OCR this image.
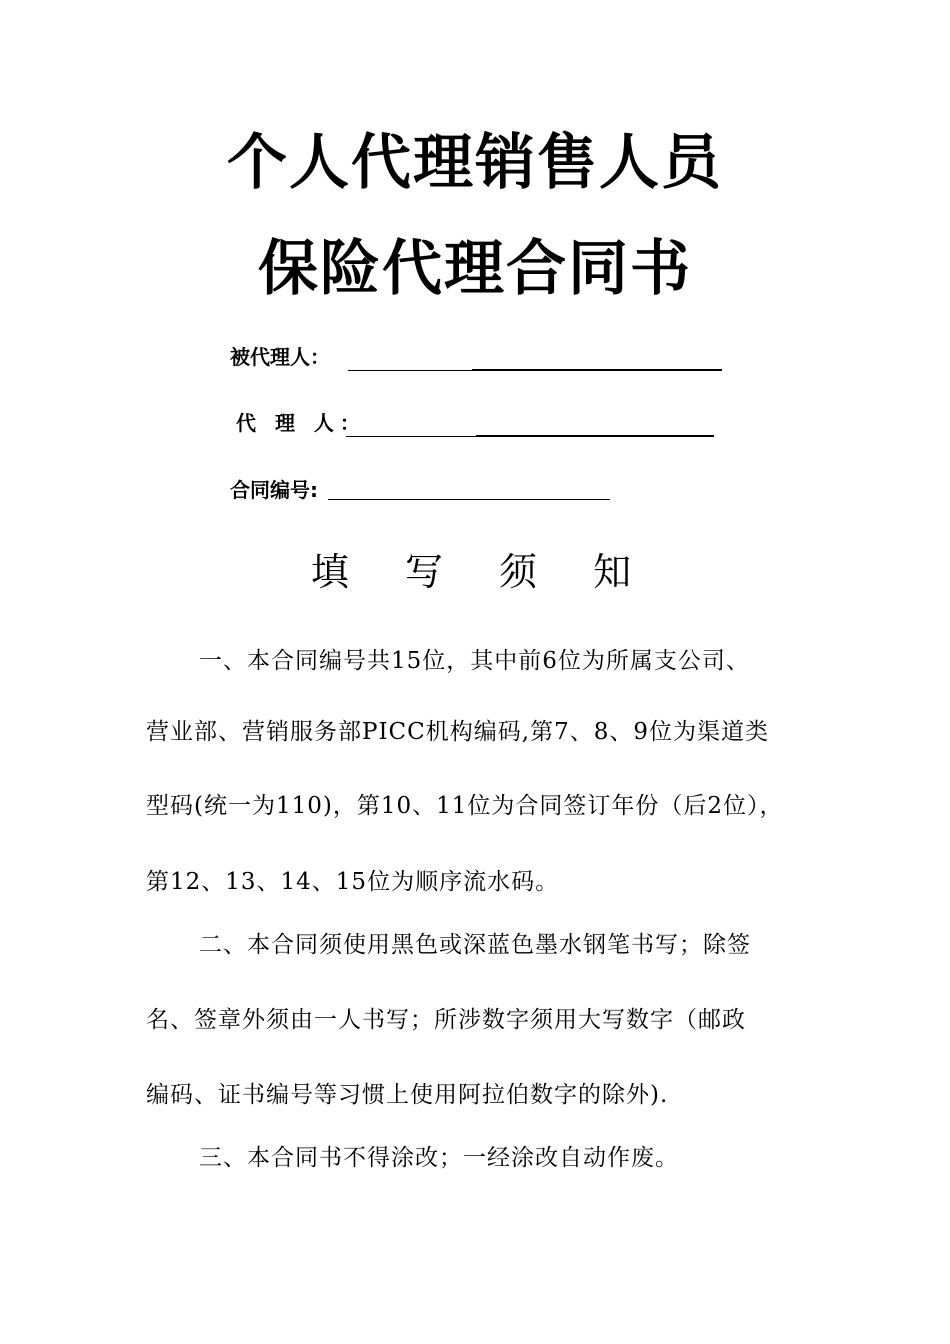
个人代理销售人员
保险代理合同书
被代理人：
代 理 人：
合同编号:
填 写 须 知
一、本合同编号共15位，其中前6位为所属支公司、
营业部、营销服务部PICC机构编码,第7、8、9位为渠道类
型码(统一为110)，第10、11位为合同签订年份（后2位），
第12、13、14、15位为顺序流水码。
二、本合同须使用黑色或深蓝色墨水钢笔书写；除签
名、签章外须由一人书写；所涉数字须用大写数字（邮政
编码、证书编号等习惯上使用阿拉伯数字的除外).
三、本合同书不得涂改；一经涂改自动作废。
